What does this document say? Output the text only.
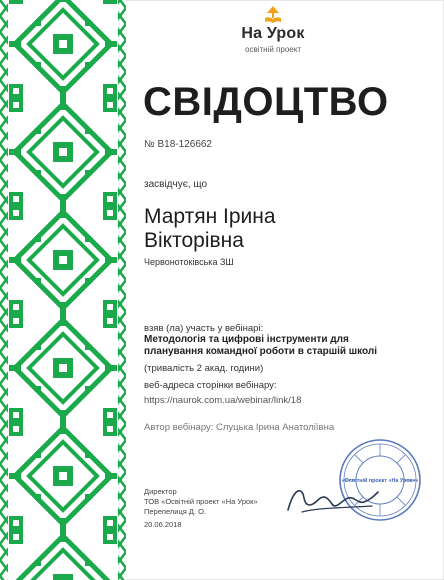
На Урок
освітній проект
СВІДОЦТВО
№ В18-126662
засвідчує, що
Мартян Ірина
Вікторівна
Червонотоківська ЗШ
взяв (ла) участь у вебінарі:
Методологія та цифрові інструменти для
планування командної роботи в старшій школі
(тривалість 2 акад. години)
веб-адреса сторінки вебінару:
https://naurok.com.ua/webinar/link/18
Автор вебінару: Слуцька Ірина Анатоліївна
Директор
ТОВ «Освітній проект «На Урок»
Перепелиця Д. О.
20.06.2018
«Освітній проект «На Урок»»
